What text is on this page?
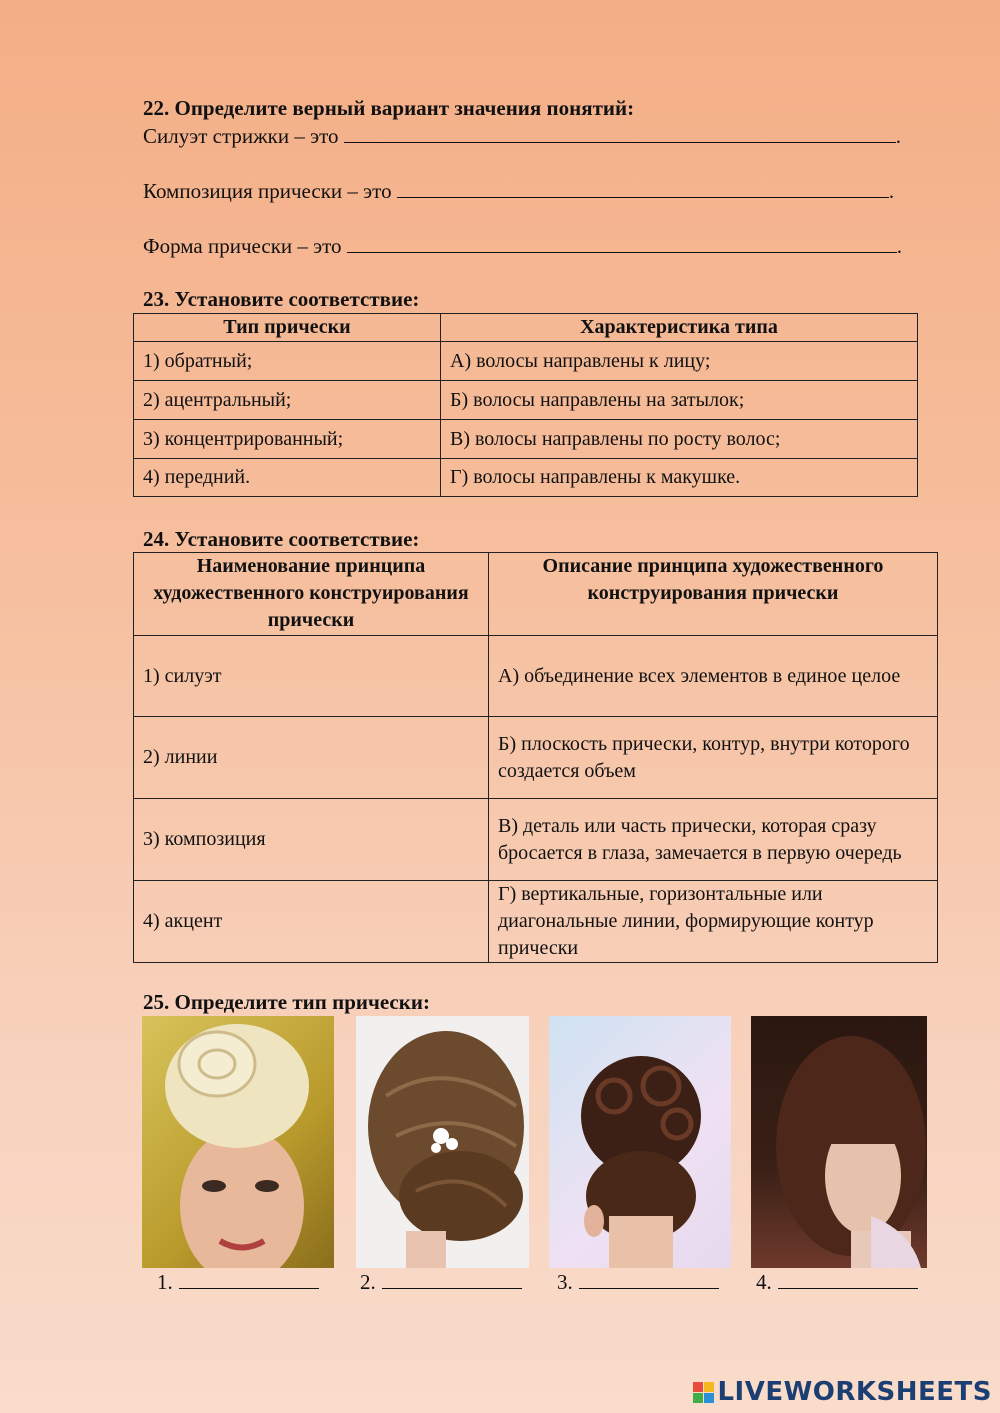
22. Определите верный вариант значения понятий:
Силуэт стрижки – это	.
Композиция прически – это	.
Форма прически – это	.
23. Установите соответствие:
Тип прически	Характеристика типа
1) обратный;	А) волосы направлены к лицу;
2) ацентральный;	Б) волосы направлены на затылок;
3) концентрированный;	В) волосы направлены по росту волос;
4) передний.	Г) волосы направлены к макушке.
24. Установите соответствие:
Наименование принципа художественного конструирования прически	Описание принципа художественного конструирования прически
1) силуэт	А) объединение всех элементов в единое целое
2) линии	Б) плоскость прически, контур, внутри которого создается объем
3) композиция	В) деталь или часть прически, которая сразу бросается в глаза, замечается в первую очередь
4) акцент	Г) вертикальные, горизонтальные или диагональные линии, формирующие контур прически
25. Определите тип прически:
1.	2.	3.	4.
LIVEWORKSHEETS
